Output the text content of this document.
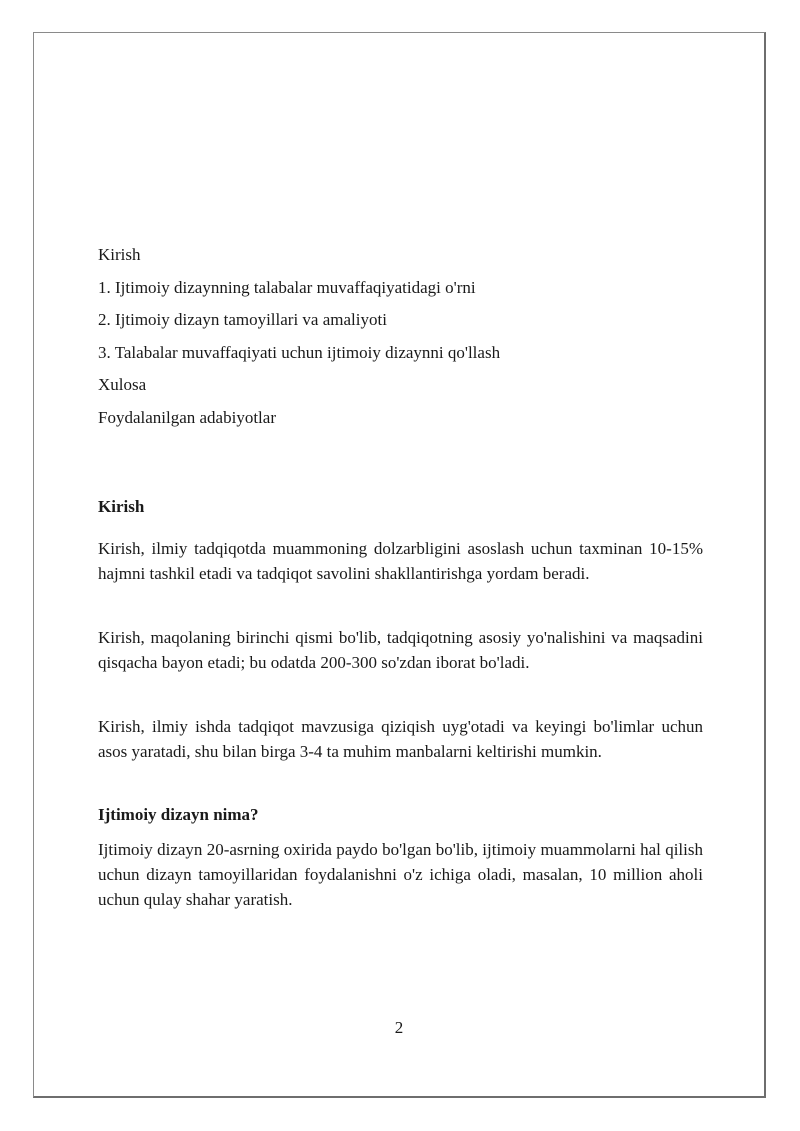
Kirish
1. Ijtimoiy dizaynning talabalar muvaffaqiyatidagi o'rni
2. Ijtimoiy dizayn tamoyillari va amaliyoti
3. Talabalar muvaffaqiyati uchun ijtimoiy dizaynni qo'llash
Xulosa
Foydalanilgan adabiyotlar

Kirish

Kirish, ilmiy tadqiqotda muammoning dolzarbligini asoslash uchun taxminan 10-15% hajmni tashkil etadi va tadqiqot savolini shakllantirishga yordam beradi.

Kirish, maqolaning birinchi qismi bo'lib, tadqiqotning asosiy yo'nalishini va maqsadini qisqacha bayon etadi; bu odatda 200-300 so'zdan iborat bo'ladi.

Kirish, ilmiy ishda tadqiqot mavzusiga qiziqish uyg'otadi va keyingi bo'limlar uchun asos yaratadi, shu bilan birga 3-4 ta muhim manbalarni keltirishi mumkin.

Ijtimoiy dizayn nima?

Ijtimoiy dizayn 20-asrning oxirida paydo bo'lgan bo'lib, ijtimoiy muammolarni hal qilish uchun dizayn tamoyillaridan foydalanishni o'z ichiga oladi, masalan, 10 million aholi uchun qulay shahar yaratish.

2
